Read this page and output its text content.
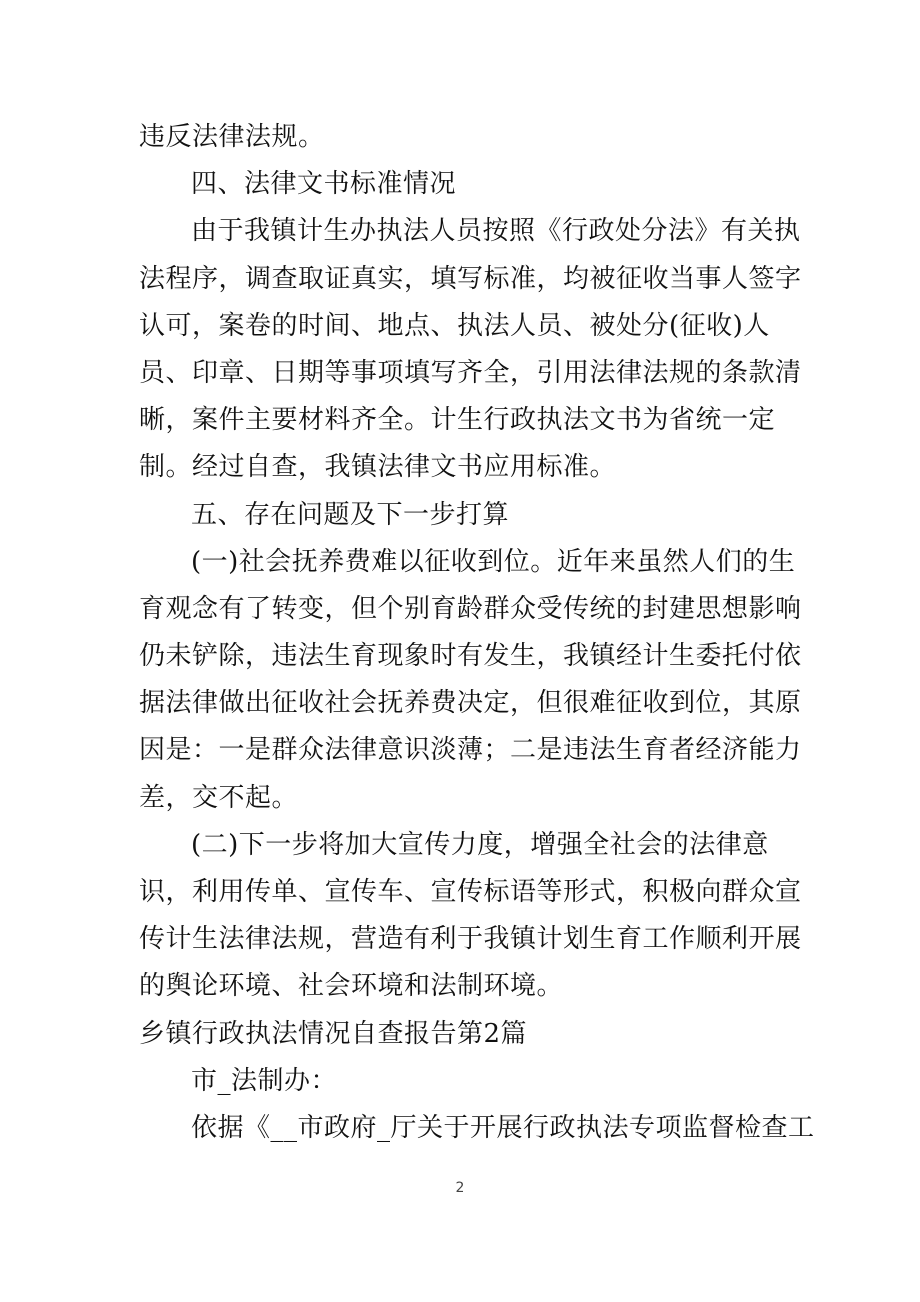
违反法律法规。
四、法律文书标准情况
由于我镇计生办执法人员按照《行政处分法》有关执
法程序，调查取证真实，填写标准，均被征收当事人签字
认可，案卷的时间、地点、执法人员、被处分(征收)人
员、印章、日期等事项填写齐全，引用法律法规的条款清
晰，案件主要材料齐全。计生行政执法文书为省统一定
制。经过自查，我镇法律文书应用标准。
五、存在问题及下一步打算
(一)社会抚养费难以征收到位。近年来虽然人们的生
育观念有了转变，但个别育龄群众受传统的封建思想影响
仍未铲除，违法生育现象时有发生，我镇经计生委托付依
据法律做出征收社会抚养费决定，但很难征收到位，其原
因是：一是群众法律意识淡薄；二是违法生育者经济能力
差，交不起。
(二)下一步将加大宣传力度，增强全社会的法律意
识，利用传单、宣传车、宣传标语等形式，积极向群众宣
传计生法律法规，营造有利于我镇计划生育工作顺利开展
的舆论环境、社会环境和法制环境。
乡镇行政执法情况自查报告第2篇
市_法制办：
依据《__市政府_厅关于开展行政执法专项监督检查工
2
